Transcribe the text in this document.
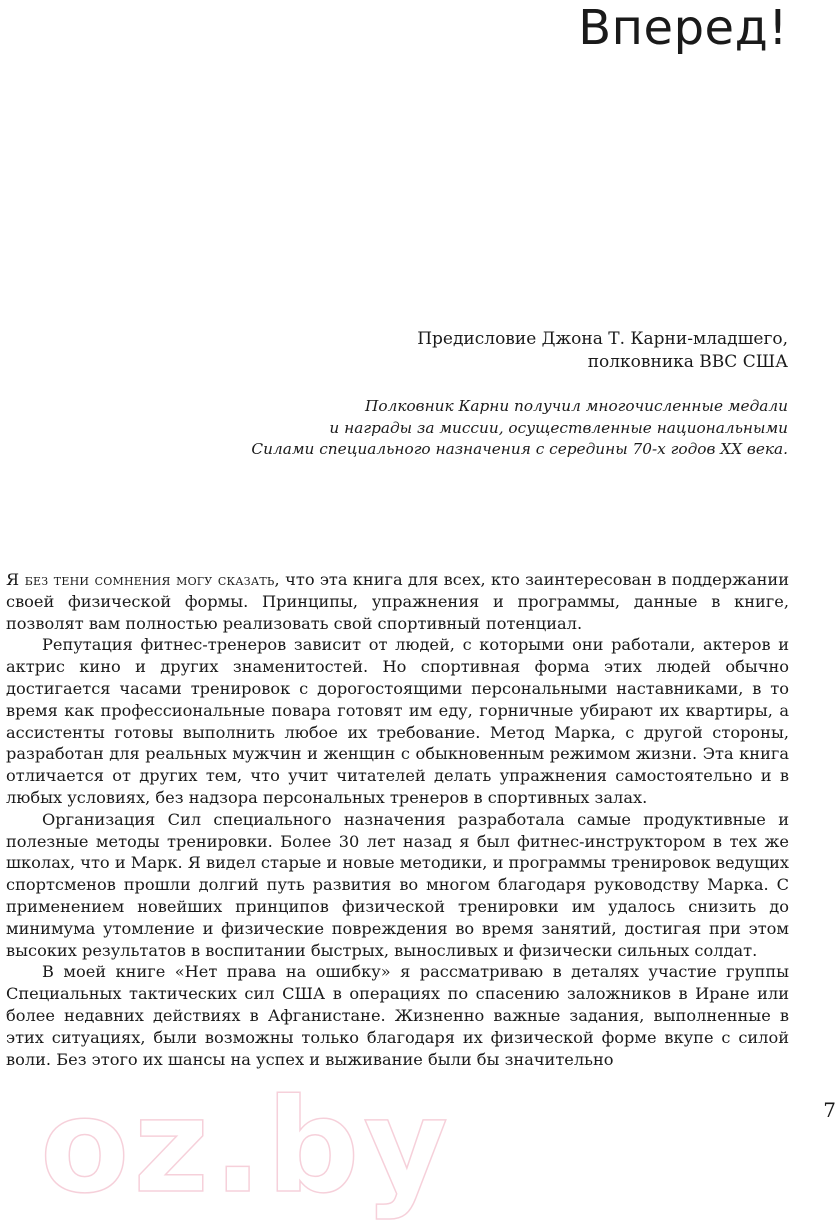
Вперед!
Предисловие Джона Т. Карни-младшего,
полковника ВВС США
Полковник Карни получил многочисленные медали
и награды за миссии, осуществленные национальными
Силами специального назначения с середины 70-х годов XX века.

Я без тени сомнения могу сказать, что эта книга для всех, кто заинтересован в поддержании своей физической формы. Принципы, упражнения и программы, данные в книге, позволят вам полностью реализовать свой спортивный потенциал.

Репутация фитнес-тренеров зависит от людей, с которыми они работали, актеров и актрис кино и других знаменитостей. Но спортивная форма этих людей обычно достигается часами тренировок с дорогостоящими персональными наставниками, в то время как профессиональные повара готовят им еду, горничные убирают их квартиры, а ассистенты готовы выполнить любое их требование. Метод Марка, с другой стороны, разработан для реальных мужчин и женщин с обыкновенным режимом жизни. Эта книга отличается от других тем, что учит читателей делать упражнения самостоятельно и в любых условиях, без надзора персональных тренеров в спортивных залах.

Организация Сил специального назначения разработала самые продуктивные и полезные методы тренировки. Более 30 лет назад я был фитнес-инструктором в тех же школах, что и Марк. Я видел старые и новые методики, и программы тренировок ведущих спортсменов прошли долгий путь развития во многом благодаря руководству Марка. С применением новейших принципов физической тренировки им удалось снизить до минимума утомление и физические повреждения во время занятий, достигая при этом высоких результатов в воспитании быстрых, выносливых и физически сильных солдат.

В моей книге «Нет права на ошибку» я рассматриваю в деталях участие группы Специальных тактических сил США в операциях по спасению заложников в Иране или более недавних действиях в Афганистане. Жизненно важные задания, выполненные в этих ситуациях, были возможны только благодаря их физической форме вкупе с силой воли. Без этого их шансы на успех и выживание были бы значительно

oz.by	7
